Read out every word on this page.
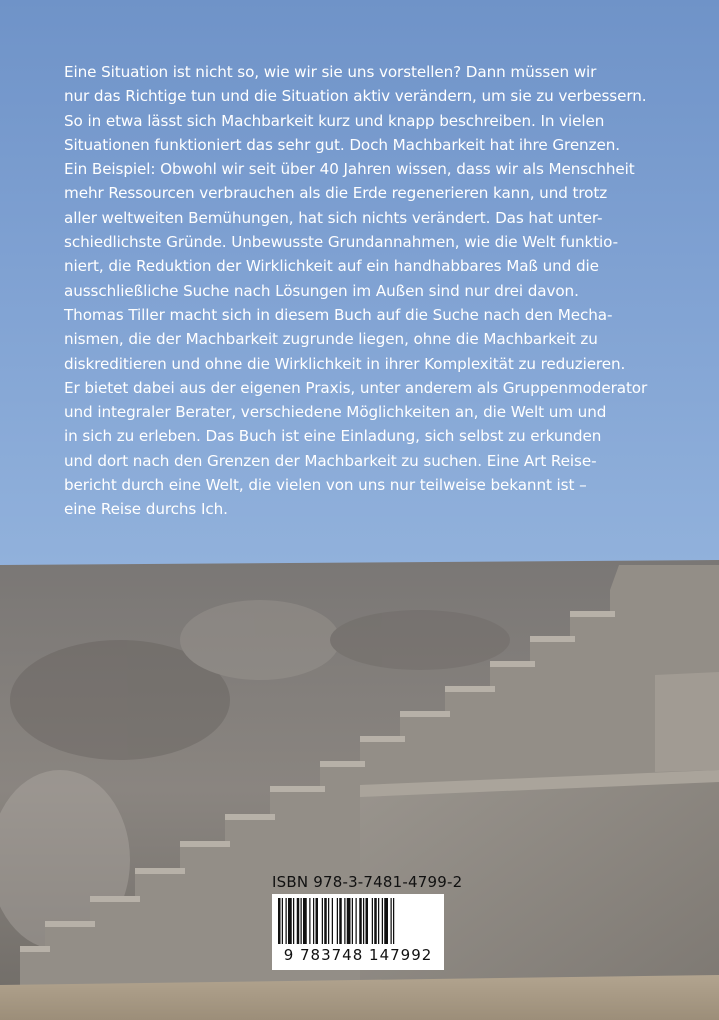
Eine Situation ist nicht so, wie wir sie uns vorstellen? Dann müssen wir
nur das Richtige tun und die Situation aktiv verändern, um sie zu verbessern.
So in etwa lässt sich Machbarkeit kurz und knapp beschreiben. In vielen
Situationen funktioniert das sehr gut. Doch Machbarkeit hat ihre Grenzen.
Ein Beispiel: Obwohl wir seit über 40 Jahren wissen, dass wir als Menschheit
mehr Ressourcen verbrauchen als die Erde regenerieren kann, und trotz
aller weltweiten Bemühungen, hat sich nichts verändert. Das hat unter-
schiedlichste Gründe. Unbewusste Grundannahmen, wie die Welt funktio-
niert, die Reduktion der Wirklichkeit auf ein handhabbares Maß und die
ausschließliche Suche nach Lösungen im Außen sind nur drei davon.
Thomas Tiller macht sich in diesem Buch auf die Suche nach den Mecha-
nismen, die der Machbarkeit zugrunde liegen, ohne die Machbarkeit zu
diskreditieren und ohne die Wirklichkeit in ihrer Komplexität zu reduzieren.
Er bietet dabei aus der eigenen Praxis, unter anderem als Gruppenmoderator
und integraler Berater, verschiedene Möglichkeiten an, die Welt um und
in sich zu erleben. Das Buch ist eine Einladung, sich selbst zu erkunden
und dort nach den Grenzen der Machbarkeit zu suchen. Eine Art Reise-
bericht durch eine Welt, die vielen von uns nur teilweise bekannt ist –
eine Reise durchs Ich.
ISBN 978-3-7481-4799-2
9 783748 147992
